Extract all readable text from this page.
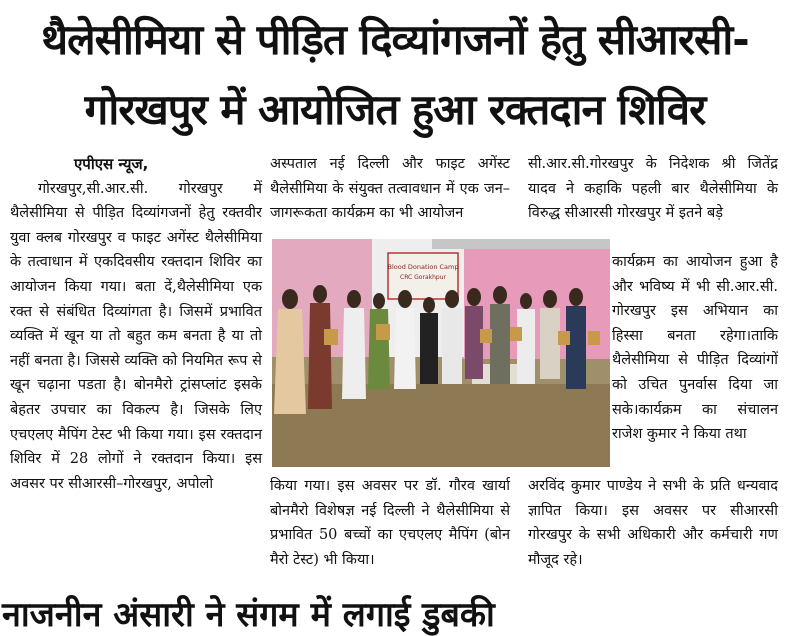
थैलेसीमिया से पीड़ित दिव्यांगजनों हेतु सीआरसी-
गोरखपुर में आयोजित हुआ रक्तदान शिविर

एपीएस न्यूज,

गोरखपुर,सी.आर.सी. गोरखपुर में थैलेसीमिया से पीड़ित दिव्यांगजनों हेतु रक्तवीर युवा क्लब गोरखपुर व फाइट अगेंस्ट थैलेसीमिया के तत्वाधान में एकदिवसीय रक्तदान शिविर का आयोजन किया गया। बता दें,थैलेसीमिया एक रक्त से संबंधित दिव्यांगता है। जिसमें प्रभावित व्यक्ति में खून या तो बहुत कम बनता है या तो नहीं बनता है। जिससे व्यक्ति को नियमित रूप से खून चढ़ाना पडता है। बोनमैरो ट्रांसप्लांट इसके बेहतर उपचार का विकल्प है। जिसके लिए एचएलए मैपिंग टेस्ट भी किया गया। इस रक्तदान शिविर में 28 लोगों ने रक्तदान किया। इस अवसर पर सीआरसी–गोरखपुर, अपोलो

अस्पताल नई दिल्ली और फाइट अगेंस्ट थैलेसीमिया के संयुक्त तत्वावधान में एक जन–जागरूकता कार्यक्रम का भी आयोजन
Blood Donation Camp
CRC Gorakhpur
किया गया। इस अवसर पर डॉ. गौरव खार्या बोनमैरो विशेषज्ञ नई दिल्ली ने थैलेसीमिया से प्रभावित 50 बच्चों का एचएलए मैपिंग (बोन मैरो टेस्ट) भी किया।
सी.आर.सी.गोरखपुर के निदेशक श्री जितेंद्र यादव ने कहाकि पहली बार थैलेसीमिया के विरुद्ध सीआरसी गोरखपुर में इतने बड़े
कार्यक्रम का आयोजन हुआ है और भविष्य में भी सी.आर.सी. गोरखपुर इस अभियान का हिस्सा बनता रहेगा।ताकि थैलेसीमिया से पीड़ित दिव्यांगों को उचित पुनर्वास दिया जा सके।कार्यक्रम का संचालन राजेश कुमार ने किया तथा
अरविंद कुमार पाण्डेय ने सभी के प्रति धन्यवाद ज्ञापित किया। इस अवसर पर सीआरसी गोरखपुर के सभी अधिकारी और कर्मचारी गण मौजूद रहे।
नाजनीन अंसारी ने संगम में लगाई डुबकी
